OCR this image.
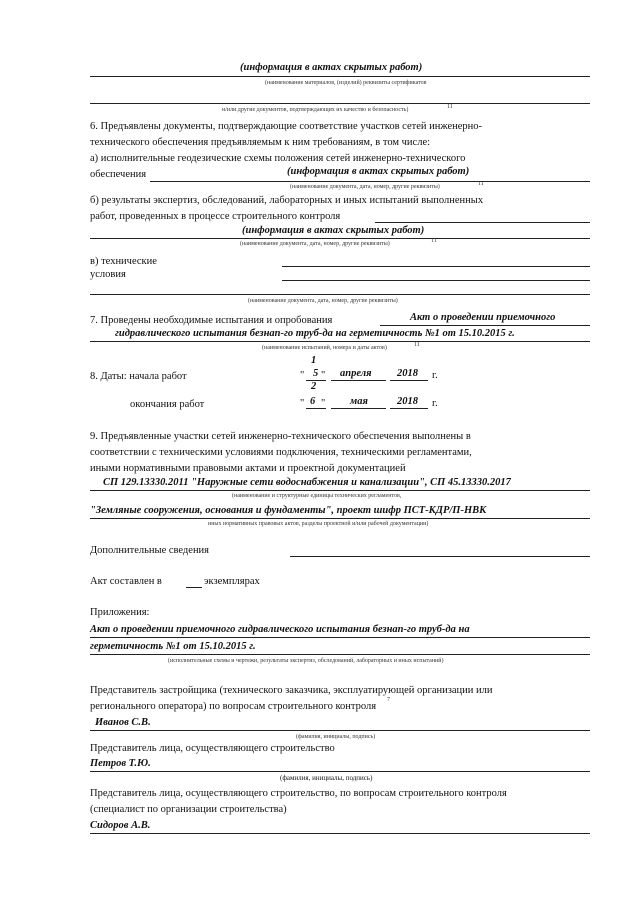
(информация в актах скрытых работ)
(наименование материалов, (изделий) реквизиты сертификатов
и/или другие документов, подтверждающих их качество и безопасность)	11
6. Предъявлены документы, подтверждающие соответствие участков сетей инженерно-
технического обеспечения предъявляемым к ним требованиям, в том числе:
а) исполнительные геодезические схемы положения сетей инженерно-технического
обеспечения	(информация в актах скрытых работ)
(наименование документа, дата, номер, другие реквизиты)	11
б) результаты экспертиз, обследований, лабораторных и иных испытаний выполненных
работ, проведенных в процессе строительного контроля
(информация в актах скрытых работ)
(наименование документа, дата, номер, другие реквизиты)	11
в) технические
условия
(наименование документа, дата, номер, другие реквизиты)
7. Проведены необходимые испытания и опробования	Акт о проведении приемочного
гидравлического испытания безнап-го труб-да на герметичность №1 от 15.10.2015 г.
(наименование испытаний, номера и даты актов)	11
1
8. Даты: начала работ	" 5 " апреля 2018 г.
2
окончания работ	" 6 " мая	2018 г.
9. Предъявленные участки сетей инженерно-технического обеспечения выполнены в
соответствии с техническими условиями подключения, техническими регламентами,
иными нормативными правовыми актами и проектной документацией
СП 129.13330.2011 "Наружные сети водоснабжения и канализации", СП 45.13330.2017
(наименование и структурные единицы технических регламентов,
"Земляные сооружения, основания и фундаменты", проект шифр ПСТ-КДР/П-НВК
иных нормативных правовых актов, разделы проектной и/или рабочей документации)
Дополнительные сведения
Акт составлен в	экземплярах
Приложения:
Акт о проведении приемочного гидравлического испытания безнап-го труб-да на
герметичность №1 от 15.10.2015 г.
(исполнительные схемы и чертежи, результаты экспертиз, обследований, лабораторных и иных испытаний)
Представитель застройщика (технического заказчика, эксплуатирующей организации или
регионального оператора) по вопросам строительного контроля
7
Иванов С.В.
(фамилия, инициалы, подпись)
Представитель лица, осуществляющего строительство
Петров Т.Ю.
(фамилия, инициалы, подпись)
Представитель лица, осуществляющего строительство, по вопросам строительного контроля
(специалист по организации строительства)
Сидоров А.В.
